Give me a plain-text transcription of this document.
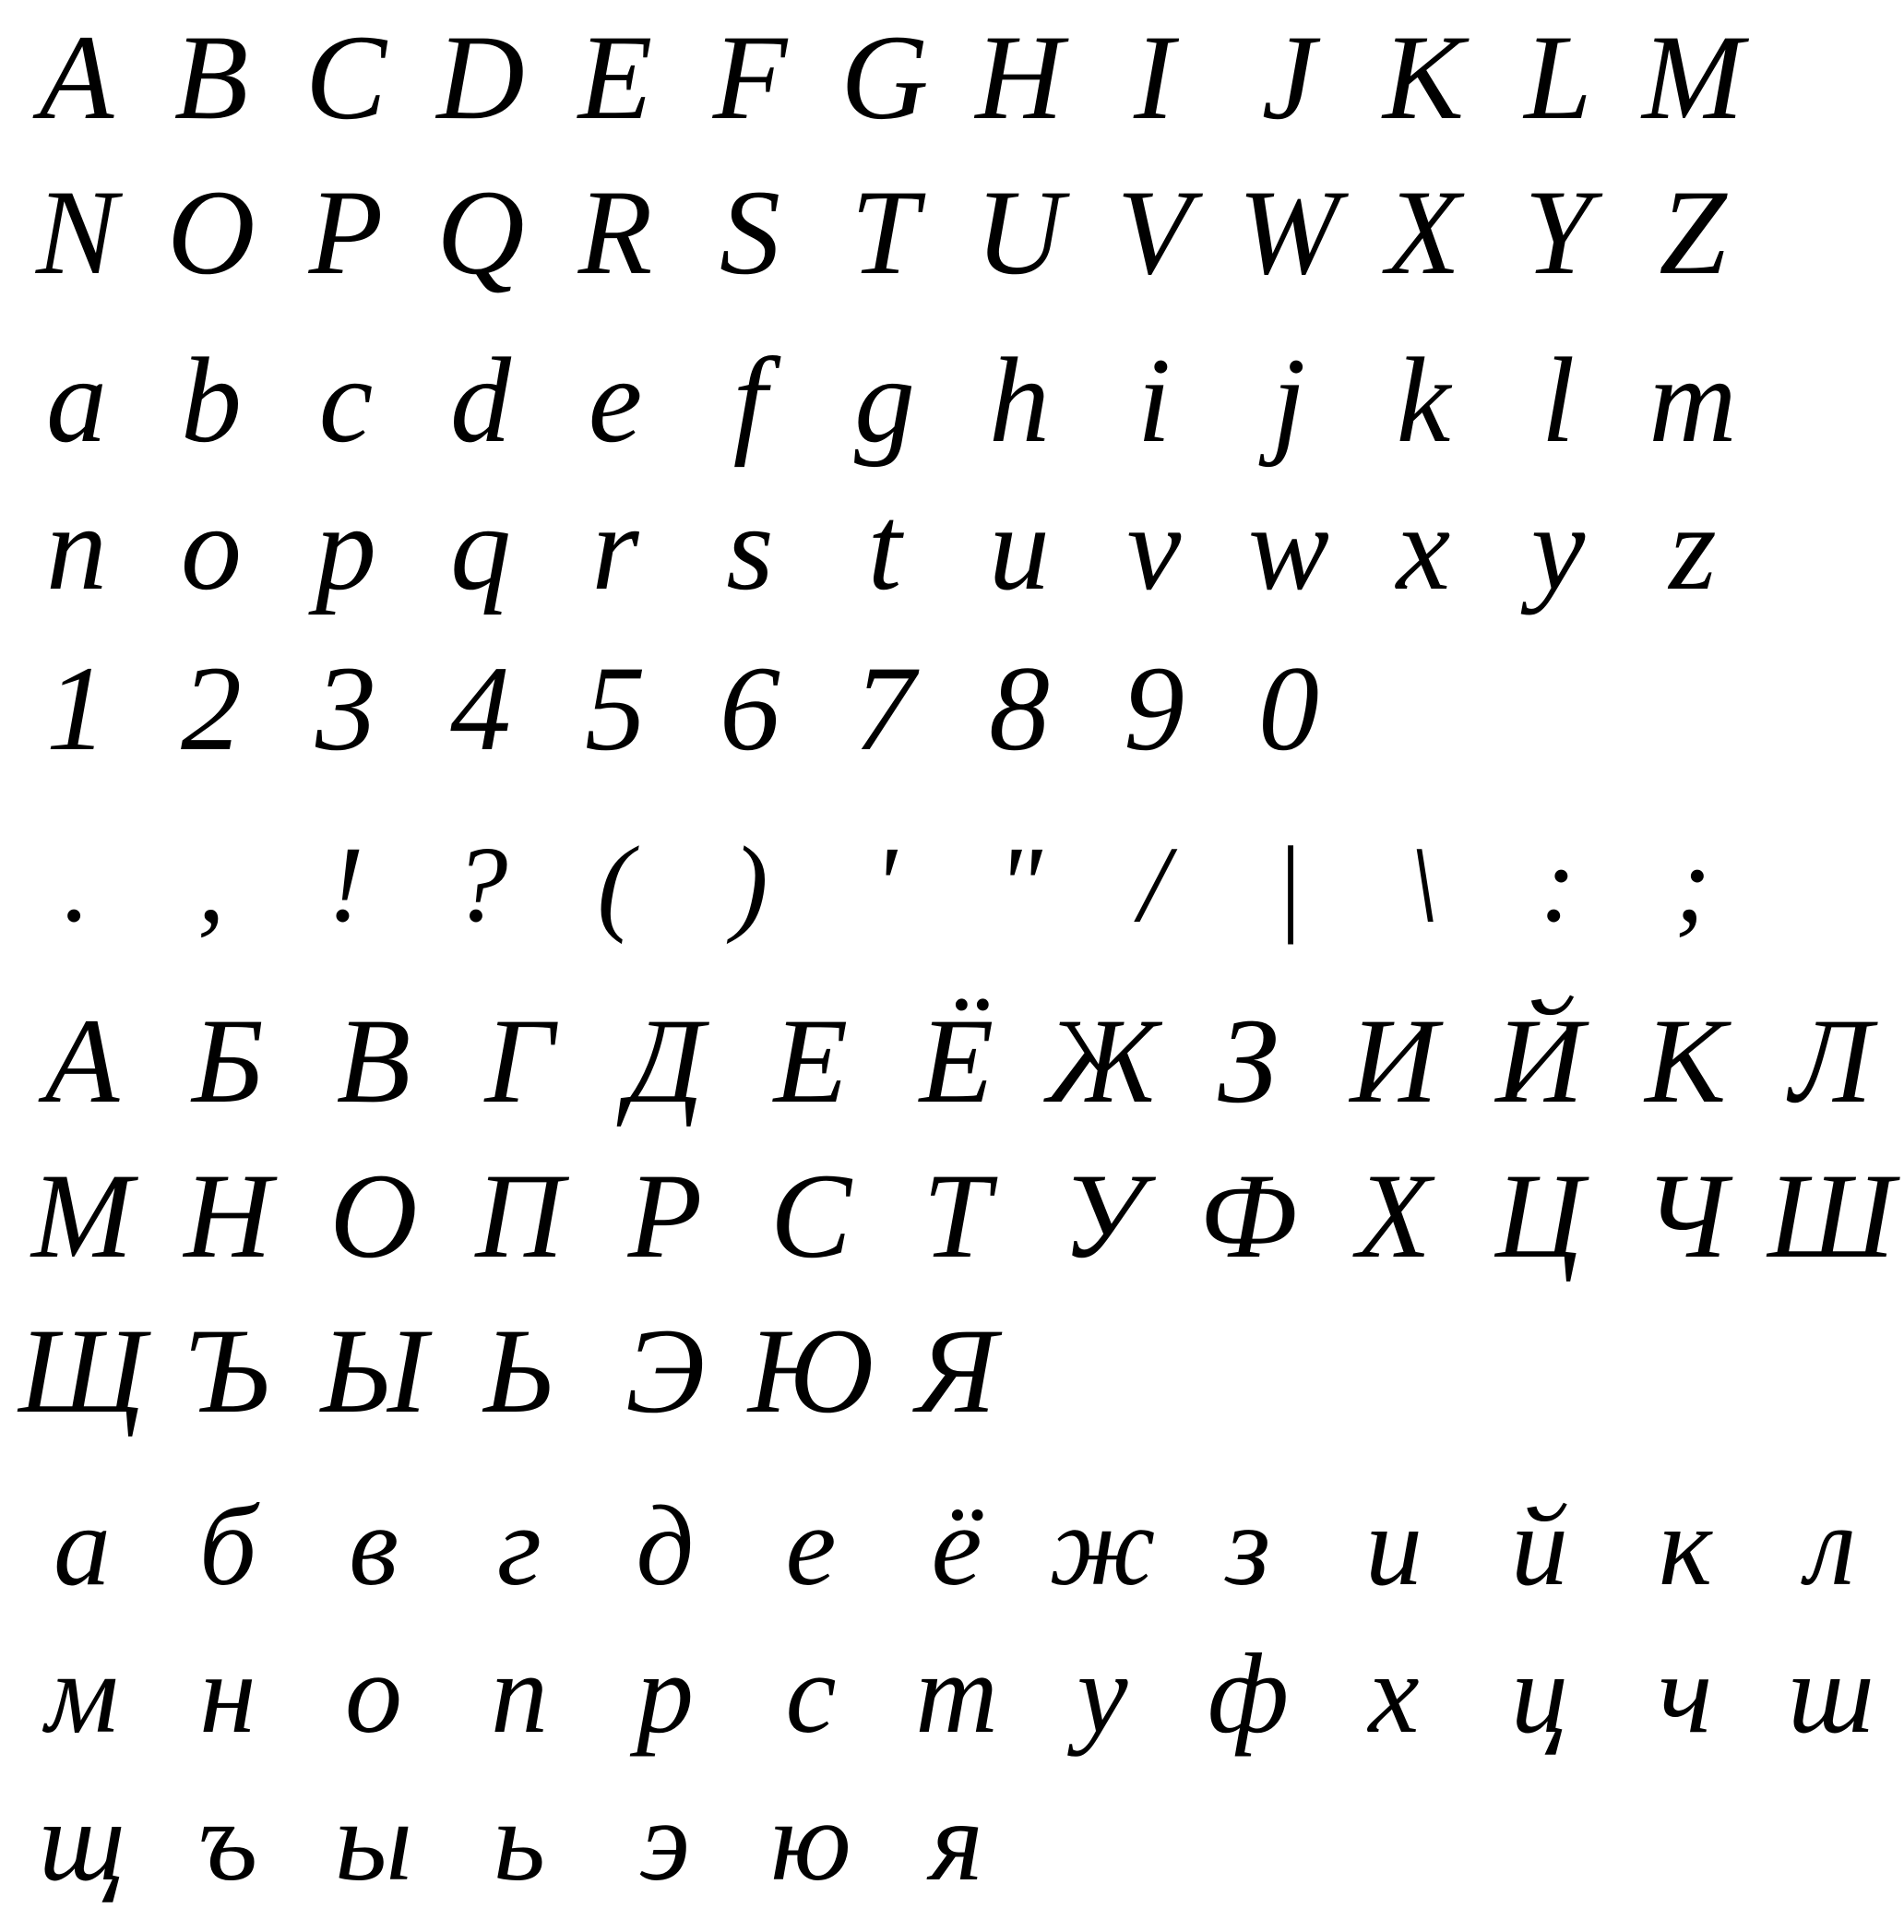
A B C D E F G H I J K L M
N O P Q R S T U V W X Y Z
a b c d e f g h i j k l m
n o p q r s t u v w x y z
1 2 3 4 5 6 7 8 9 0
. , ! ? ( ) ' " / | \ : ;
А Б В Г Д Е Ё Ж З И Й К Л
М Н О П Р С Т У Ф Х Ц Ч Ш
Щ Ъ Ы Ь Э Ю Я
а б в г д е ё ж з и й к л
м н о п р с т у ф х ц ч ш
щ ъ ы ь э ю я
